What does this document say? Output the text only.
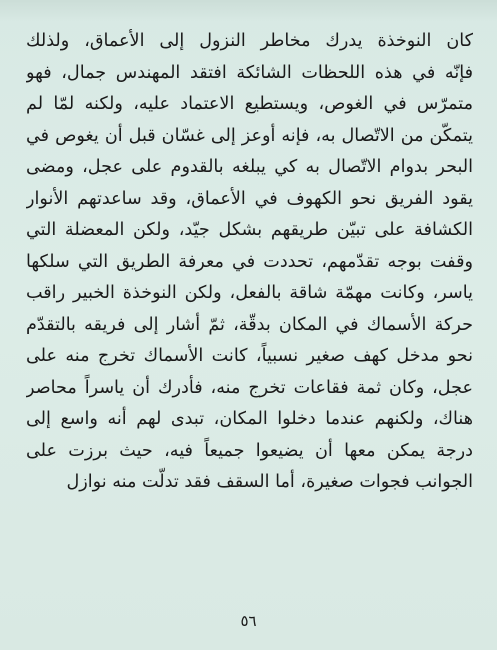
كان النوخذة يدرك مخاطر النزول إلى الأعماق، ولذلك
فإنّه في هذه اللحظات الشائكة افتقد المهندس جمال، فهو
متمرّس في الغوص، ويستطيع الاعتماد عليه، ولكنه لمّا لم
يتمكّن من الاتّصال به، فإنه أوعز إلى غسّان قبل أن يغوص في
البحر بدوام الاتّصال به كي يبلغه بالقدوم على عجل، ومضى
يقود الفريق نحو الكهوف في الأعماق، وقد ساعدتهم الأنوار
الكشافة على تبيّن طريقهم بشكل جيّد، ولكن المعضلة التي
وقفت بوجه تقدّمهم، تحددت في معرفة الطريق التي سلكها
ياسر، وكانت مهمّة شاقة بالفعل، ولكن النوخذة الخبير راقب
حركة الأسماك في المكان بدقّة، ثمّ أشار إلى فريقه بالتقدّم
نحو مدخل كهف صغير نسبياً، كانت الأسماك تخرج منه على
عجل، وكان ثمة فقاعات تخرج منه، فأدرك أن ياسراً محاصر
هناك، ولكنهم عندما دخلوا المكان، تبدى لهم أنه واسع إلى
درجة يمكن معها أن يضيعوا جميعاً فيه، حيث برزت على
الجوانب فجوات صغيرة، أما السقف فقد تدلّت منه نوازل
٥٦
